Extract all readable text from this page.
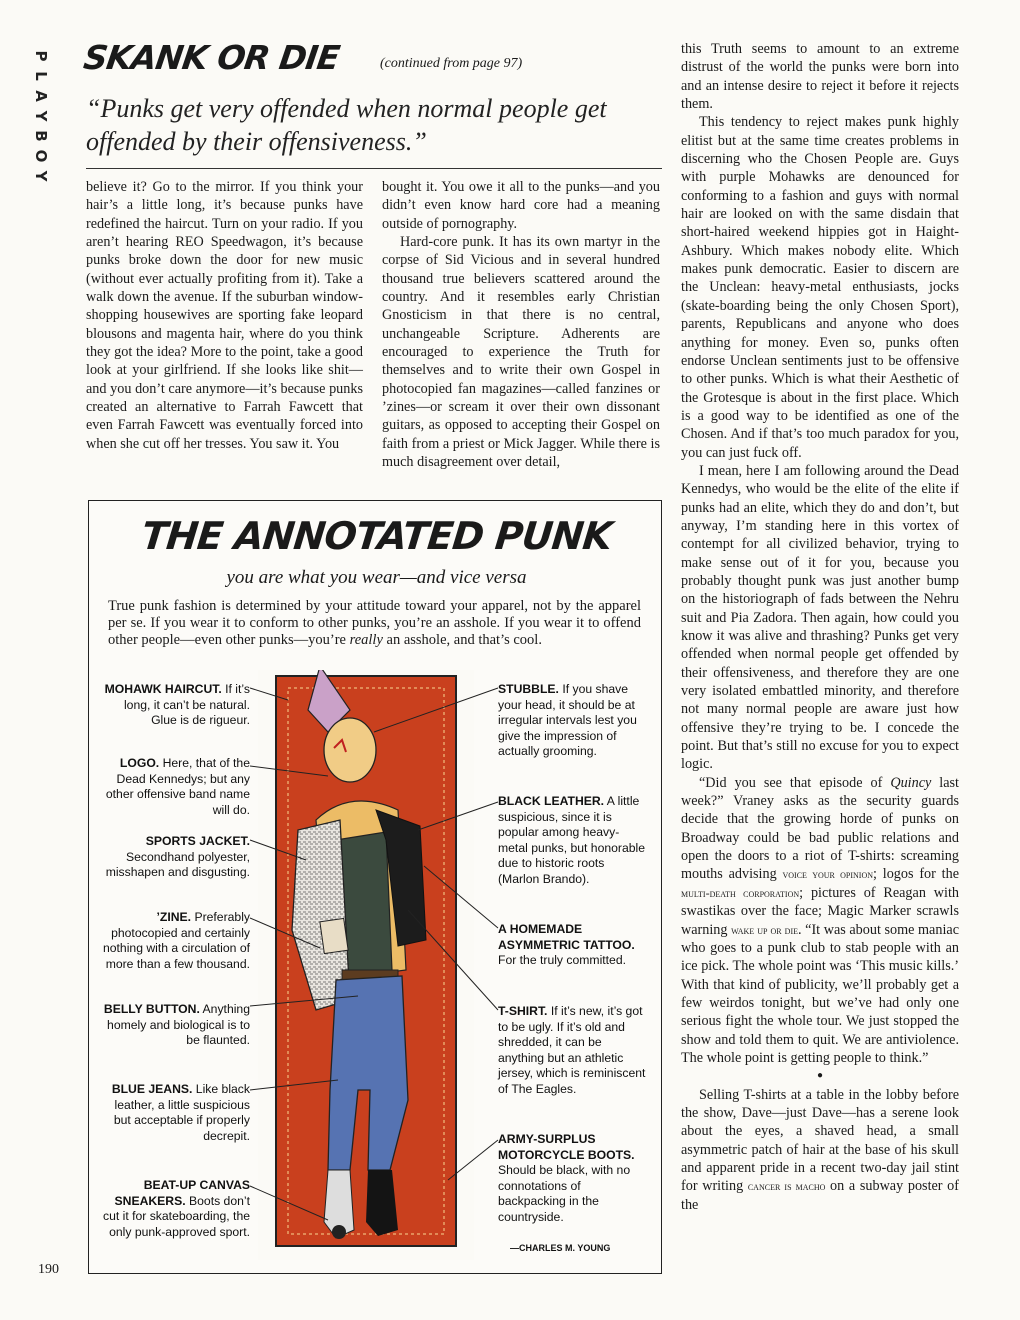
P
L
A
Y
B
O
Y
SKANK OR DIE	(continued from page 97)
“Punks get very offended when normal people get offended by their offensiveness.”

believe it? Go to the mirror. If you think your hair’s a little long, it’s because punks have redefined the haircut. Turn on your radio. If you aren’t hearing REO Speedwagon, it’s because punks broke down the door for new music (without ever actually profiting from it). Take a walk down the avenue. If the suburban window-shopping housewives are sporting fake leopard blousons and magenta hair, where do you think they got the idea? More to the point, take a good look at your girlfriend. If she looks like shit—and you don’t care anymore—it’s because punks created an alternative to Farrah Fawcett that even Farrah Fawcett was eventually forced into when she cut off her tresses. You saw it. You

bought it. You owe it all to the punks—and you didn’t even know hard core had a meaning outside of pornography.

Hard-core punk. It has its own martyr in the corpse of Sid Vicious and in several hundred thousand true believers scattered around the country. And it resembles early Christian Gnosticism in that there is no central, unchangeable Scripture. Adherents are encouraged to experience the Truth for themselves and to write their own Gospel in photocopied fan magazines—called fanzines or ’zines—or scream it over their own dissonant guitars, as opposed to accepting their Gospel on faith from a priest or Mick Jagger. While there is much disagreement over detail,

this Truth seems to amount to an extreme distrust of the world the punks were born into and an intense desire to reject it before it rejects them.

This tendency to reject makes punk highly elitist but at the same time creates problems in discerning who the Chosen People are. Guys with purple Mohawks are denounced for conforming to a fashion and guys with normal hair are looked on with the same disdain that short-haired weekend hippies got in Haight-Ashbury. Which makes nobody elite. Which makes punk democratic. Easier to discern are the Unclean: heavy-metal enthusiasts, jocks (skate-boarding being the only Chosen Sport), parents, Republicans and anyone who does anything for money. Even so, punks often endorse Unclean sentiments just to be offensive to other punks. Which is what their Aesthetic of the Grotesque is about in the first place. Which is a good way to be identified as one of the Chosen. And if that’s too much paradox for you, you can just fuck off.

I mean, here I am following around the Dead Kennedys, who would be the elite of the elite if punks had an elite, which they do and don’t, but anyway, I’m standing here in this vortex of contempt for all civilized behavior, trying to make sense out of it for you, because you probably thought punk was just another bump on the historiograph of fads between the Nehru suit and Pia Zadora. Then again, how could you know it was alive and thrashing? Punks get very offended when normal people get offended by their offensiveness, and therefore they are one very isolated embattled minority, and therefore not many normal people are aware just how offensive they’re trying to be. I concede the point. But that’s still no excuse for you to expect logic.

“Did you see that episode of Quincy last week?” Vraney asks as the security guards decide that the growing horde of punks on Broadway could be bad public relations and open the doors to a riot of T-shirts: screaming mouths advising voice your opinion; logos for the multi-death corporation; pictures of Reagan with swastikas over the face; Magic Marker scrawls warning wake up or die. “It was about some maniac who goes to a punk club to stab people with an ice pick. The whole point was ‘This music kills.’ With that kind of publicity, we’ll probably get a few weirdos tonight, but we’ve had only one serious fight the whole tour. We just stopped the show and told them to quit. We are antiviolence. The whole point is getting people to think.”

●

Selling T-shirts at a table in the lobby before the show, Dave—just Dave—has a serene look about the eyes, a shaved head, a small asymmetric patch of hair at the base of his skull and apparent pride in a recent two-day jail stint for writing cancer is macho on a subway poster of the

THE ANNOTATED PUNK
you are what you wear—and vice versa
True punk fashion is determined by your attitude toward your apparel, not by the apparel per se. If you wear it to conform to other punks, you’re an asshole. If you wear it to offend other people—even other punks—you’re really an asshole, and that’s cool.
MOHAWK HAIRCUT. If it’s long, it can’t be natural. Glue is de rigueur.
LOGO. Here, that of the Dead Kennedys; but any other offensive band name will do.
SPORTS JACKET. Secondhand polyester, misshapen and disgusting.
’ZINE. Preferably photocopied and certainly nothing with a circulation of more than a few thousand.
BELLY BUTTON. Anything homely and biological is to be flaunted.
BLUE JEANS. Like black leather, a little suspicious but acceptable if properly decrepit.
BEAT-UP CANVAS SNEAKERS. Boots don’t cut it for skateboarding, the only punk-approved sport.
STUBBLE. If you shave your head, it should be at irregular intervals lest you give the impression of actually grooming.
BLACK LEATHER. A little suspicious, since it is popular among heavy-metal punks, but honorable due to historic roots (Marlon Brando).
A HOMEMADE ASYMMETRIC TATTOO. For the truly committed.
T-SHIRT. If it’s new, it’s got to be ugly. If it’s old and shredded, it can be anything but an athletic jersey, which is reminiscent of The Eagles.
ARMY-SURPLUS MOTORCYCLE BOOTS. Should be black, with no connotations of backpacking in the countryside.
—CHARLES M. YOUNG
190
